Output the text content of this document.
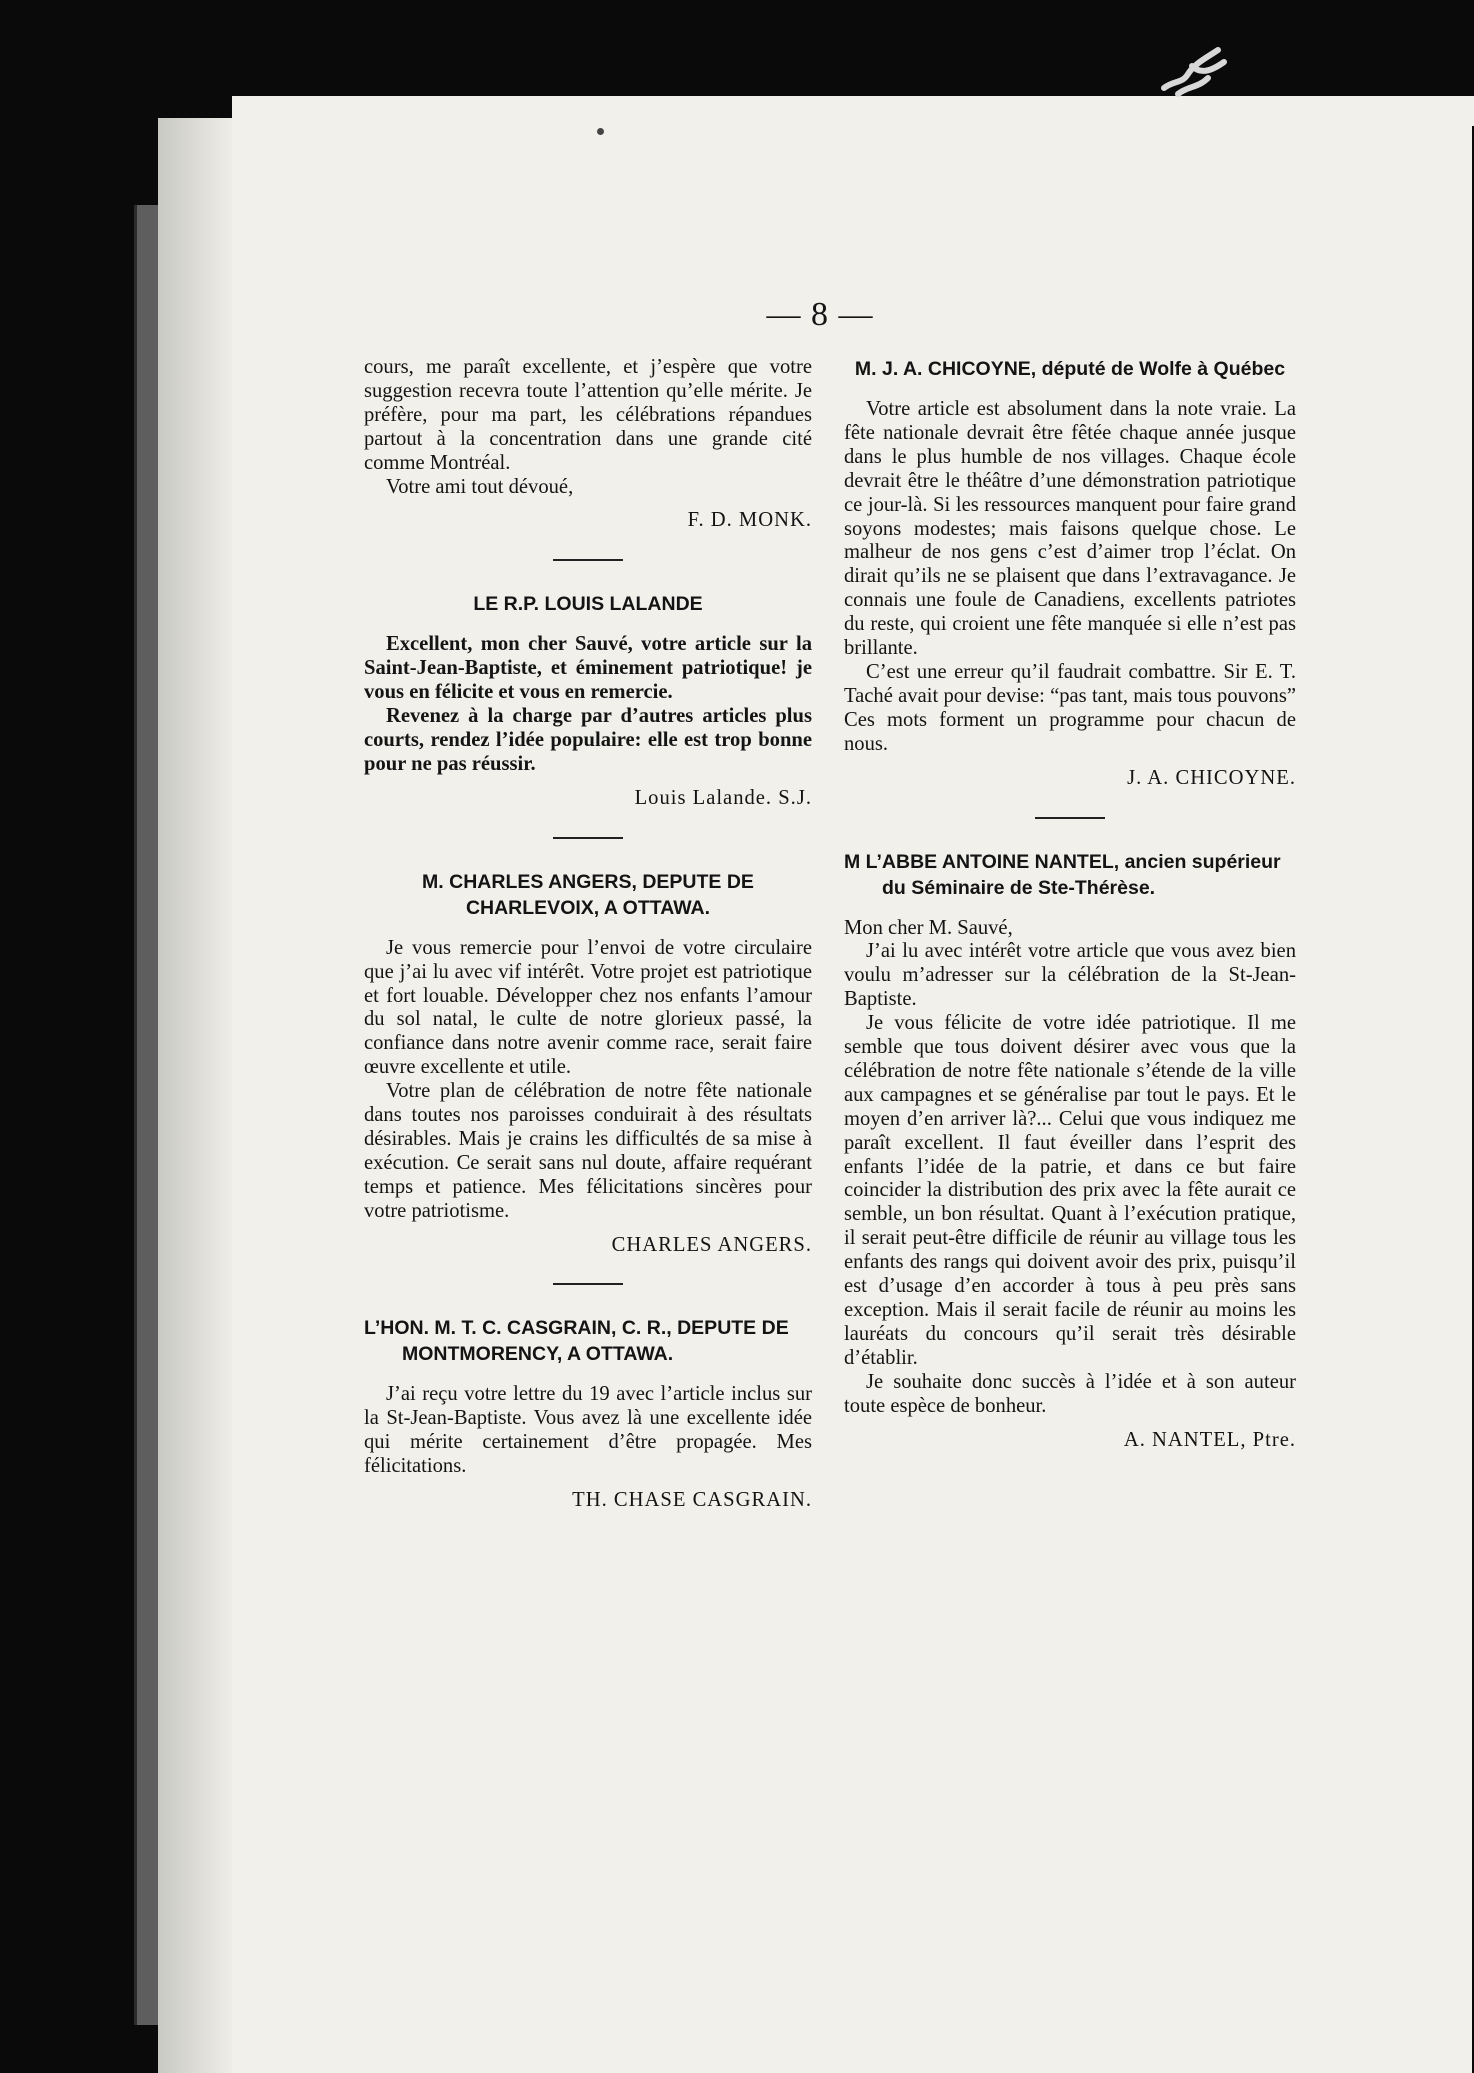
— 8 —

cours, me paraît excellente, et j’espère que votre suggestion recevra toute l’attention qu’elle mérite. Je préfère, pour ma part, les célébrations répandues partout à la concentration dans une grande cité comme Montréal.

Votre ami tout dévoué,

F. D. MONK.

LE R.P. LOUIS LALANDE

Excellent, mon cher Sauvé, votre article sur la Saint-Jean-Baptiste, et éminement patriotique! je vous en félicite et vous en remercie.

Revenez à la charge par d’autres articles plus courts, rendez l’idée populaire: elle est trop bonne pour ne pas réussir.

Louis Lalande. S.J.

M. CHARLES ANGERS, DEPUTE DE CHARLEVOIX, A OTTAWA.

Je vous remercie pour l’envoi de votre circulaire que j’ai lu avec vif intérêt. Votre projet est patriotique et fort louable. Développer chez nos enfants l’amour du sol natal, le culte de notre glorieux passé, la confiance dans notre avenir comme race, serait faire œuvre excellente et utile.

Votre plan de célébration de notre fête nationale dans toutes nos paroisses conduirait à des résultats désirables. Mais je crains les difficultés de sa mise à exécution. Ce serait sans nul doute, affaire requérant temps et patience. Mes félicitations sincères pour votre patriotisme.

CHARLES ANGERS.

L’HON. M. T. C. CASGRAIN, C. R., DEPUTE DE MONTMORENCY, A OTTAWA.

J’ai reçu votre lettre du 19 avec l’article inclus sur la St-Jean-Baptiste. Vous avez là une excellente idée qui mérite certainement d’être propagée. Mes félicitations.

TH. CHASE CASGRAIN.

M. J. A. CHICOYNE, député de Wolfe à Québec

Votre article est absolument dans la note vraie. La fête nationale devrait être fêtée chaque année jusque dans le plus humble de nos villages. Chaque école devrait être le théâtre d’une démonstration patriotique ce jour-là. Si les ressources manquent pour faire grand soyons modestes; mais faisons quelque chose. Le malheur de nos gens c’est d’aimer trop l’éclat. On dirait qu’ils ne se plaisent que dans l’extravagance. Je connais une foule de Canadiens, excellents patriotes du reste, qui croient une fête manquée si elle n’est pas brillante.

C’est une erreur qu’il faudrait combattre. Sir E. T. Taché avait pour devise: “pas tant, mais tous pouvons” Ces mots forment un programme pour chacun de nous.

J. A. CHICOYNE.

M L’ABBE ANTOINE NANTEL, ancien supérieur du Séminaire de Ste-Thérèse.

Mon cher M. Sauvé,

J’ai lu avec intérêt votre article que vous avez bien voulu m’adresser sur la célébration de la St-Jean-Baptiste.

Je vous félicite de votre idée patriotique. Il me semble que tous doivent désirer avec vous que la célébration de notre fête nationale s’étende de la ville aux campagnes et se généralise par tout le pays. Et le moyen d’en arriver là?... Celui que vous indiquez me paraît excellent. Il faut éveiller dans l’esprit des enfants l’idée de la patrie, et dans ce but faire coincider la distribution des prix avec la fête aurait ce semble, un bon résultat. Quant à l’exécution pratique, il serait peut-être difficile de réunir au village tous les enfants des rangs qui doivent avoir des prix, puisqu’il est d’usage d’en accorder à tous à peu près sans exception. Mais il serait facile de réunir au moins les lauréats du concours qu’il serait très désirable d’établir.

Je souhaite donc succès à l’idée et à son auteur toute espèce de bonheur.

A. NANTEL, Ptre.
